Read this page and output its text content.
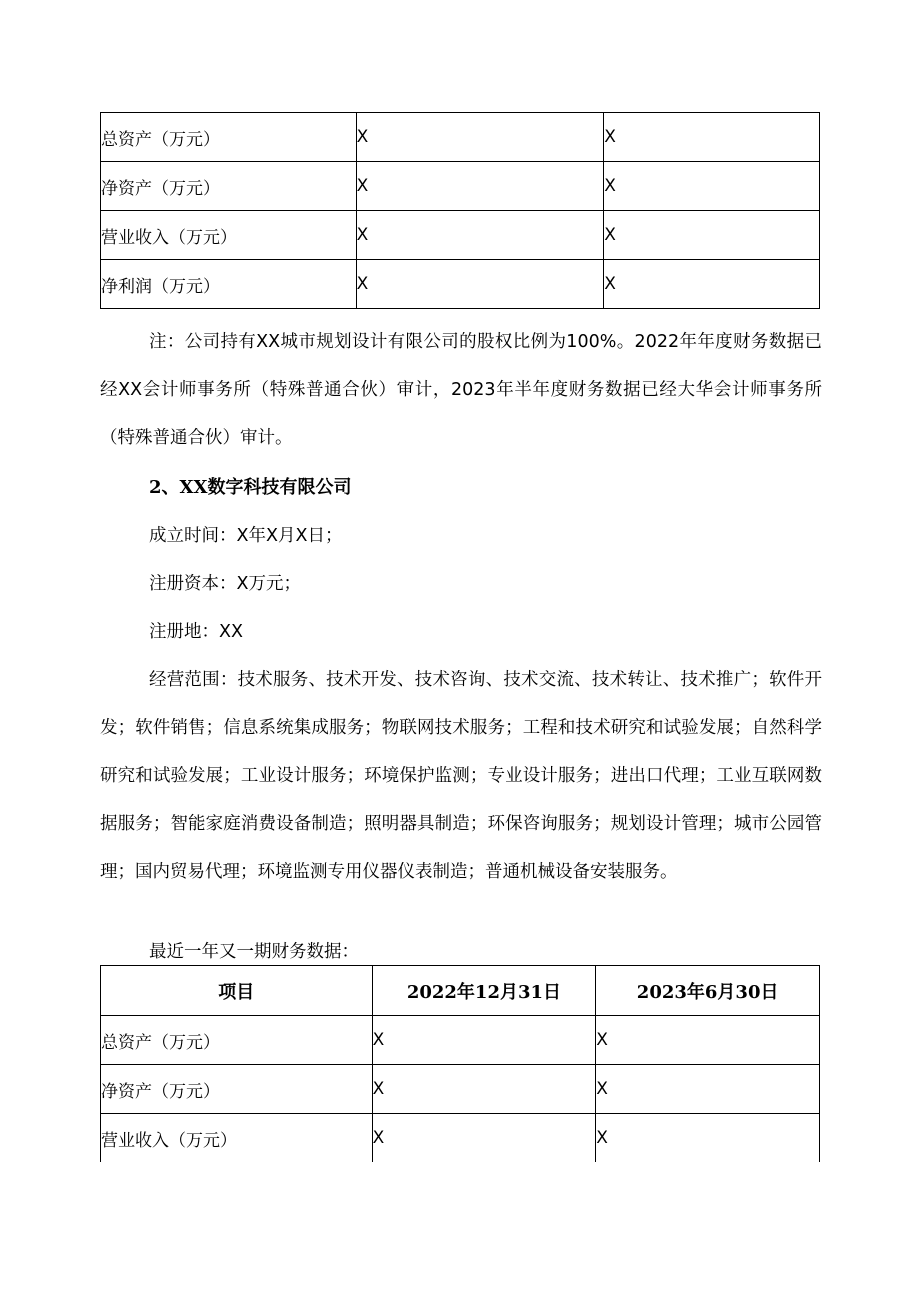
总资产（万元）	X	X
净资产（万元）	X	X
营业收入（万元）	X	X
净利润（万元）	X	X

注：公司持有XX城市规划设计有限公司的股权比例为100%。2022年年度财务数据已经XX会计师事务所（特殊普通合伙）审计，2023年半年度财务数据已经大华会计师事务所（特殊普通合伙）审计。

2、XX数字科技有限公司

成立时间：X年X月X日；

注册资本：X万元；

注册地：XX

经营范围：技术服务、技术开发、技术咨询、技术交流、技术转让、技术推广；软件开发；软件销售；信息系统集成服务；物联网技术服务；工程和技术研究和试验发展；自然科学研究和试验发展；工业设计服务；环境保护监测；专业设计服务；进出口代理；工业互联网数据服务；智能家庭消费设备制造；照明器具制造；环保咨询服务；规划设计管理；城市公园管理；国内贸易代理；环境监测专用仪器仪表制造；普通机械设备安装服务。

最近一年又一期财务数据：

项目	2022年12月31日	2023年6月30日
总资产（万元）	X	X
净资产（万元）	X	X
营业收入（万元）	X	X
